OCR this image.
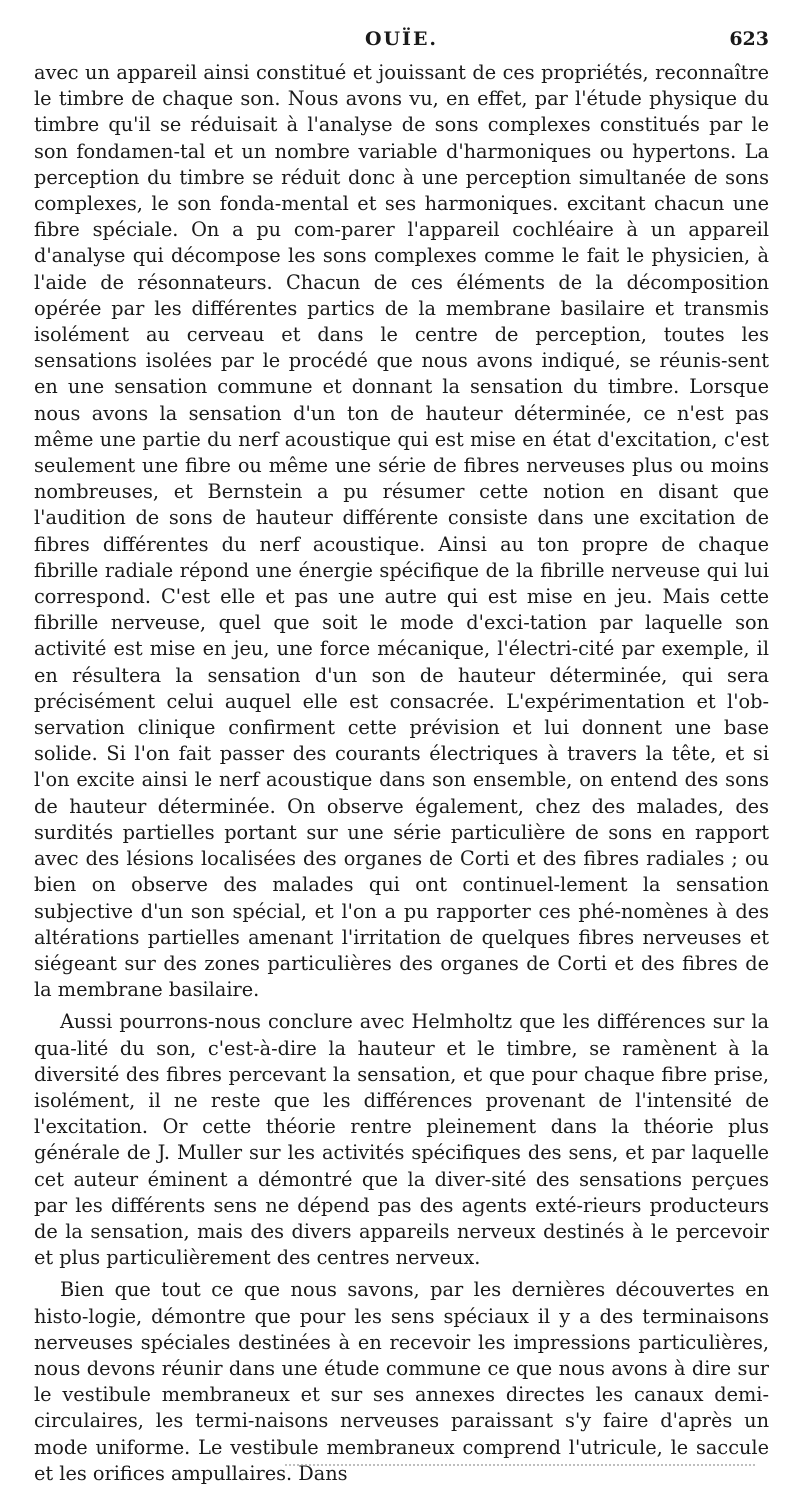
OUÏE.	623

avec un appareil ainsi constitué et jouissant de ces propriétés, reconnaître le timbre de chaque son. Nous avons vu, en effet, par l'étude physique du timbre qu'il se réduisait à l'analyse de sons complexes constitués par le son fondamen-tal et un nombre variable d'harmoniques ou hypertons. La perception du timbre se réduit donc à une perception simultanée de sons complexes, le son fonda-mental et ses harmoniques. excitant chacun une fibre spéciale. On a pu com-parer l'appareil cochléaire à un appareil d'analyse qui décompose les sons complexes comme le fait le physicien, à l'aide de résonnateurs. Chacun de ces éléments de la décomposition opérée par les différentes partics de la membrane basilaire et transmis isolément au cerveau et dans le centre de perception, toutes les sensations isolées par le procédé que nous avons indiqué, se réunis-sent en une sensation commune et donnant la sensation du timbre. Lorsque nous avons la sensation d'un ton de hauteur déterminée, ce n'est pas même une partie du nerf acoustique qui est mise en état d'excitation, c'est seulement une fibre ou même une série de fibres nerveuses plus ou moins nombreuses, et Bernstein a pu résumer cette notion en disant que l'audition de sons de hauteur différente consiste dans une excitation de fibres différentes du nerf acoustique. Ainsi au ton propre de chaque fibrille radiale répond une énergie spécifique de la fibrille nerveuse qui lui correspond. C'est elle et pas une autre qui est mise en jeu. Mais cette fibrille nerveuse, quel que soit le mode d'exci-tation par laquelle son activité est mise en jeu, une force mécanique, l'électri-cité par exemple, il en résultera la sensation d'un son de hauteur déterminée, qui sera précisément celui auquel elle est consacrée. L'expérimentation et l'ob-servation clinique confirment cette prévision et lui donnent une base solide. Si l'on fait passer des courants électriques à travers la tête, et si l'on excite ainsi le nerf acoustique dans son ensemble, on entend des sons de hauteur déterminée. On observe également, chez des malades, des surdités partielles portant sur une série particulière de sons en rapport avec des lésions localisées des organes de Corti et des fibres radiales ; ou bien on observe des malades qui ont continuel-lement la sensation subjective d'un son spécial, et l'on a pu rapporter ces phé-nomènes à des altérations partielles amenant l'irritation de quelques fibres nerveuses et siégeant sur des zones particulières des organes de Corti et des fibres de la membrane basilaire.

Aussi pourrons-nous conclure avec Helmholtz que les différences sur la qua-lité du son, c'est-à-dire la hauteur et le timbre, se ramènent à la diversité des fibres percevant la sensation, et que pour chaque fibre prise, isolément, il ne reste que les différences provenant de l'intensité de l'excitation. Or cette théorie rentre pleinement dans la théorie plus générale de J. Muller sur les activités spécifiques des sens, et par laquelle cet auteur éminent a démontré que la diver-sité des sensations perçues par les différents sens ne dépend pas des agents exté-rieurs producteurs de la sensation, mais des divers appareils nerveux destinés à le percevoir et plus particulièrement des centres nerveux.

Bien que tout ce que nous savons, par les dernières découvertes en histo-logie, démontre que pour les sens spéciaux il y a des terminaisons nerveuses spéciales destinées à en recevoir les impressions particulières, nous devons réunir dans une étude commune ce que nous avons à dire sur le vestibule membraneux et sur ses annexes directes les canaux demi-circulaires, les termi-naisons nerveuses paraissant s'y faire d'après un mode uniforme. Le vestibule membraneux comprend l'utricule, le saccule et les orifices ampullaires. Dans
